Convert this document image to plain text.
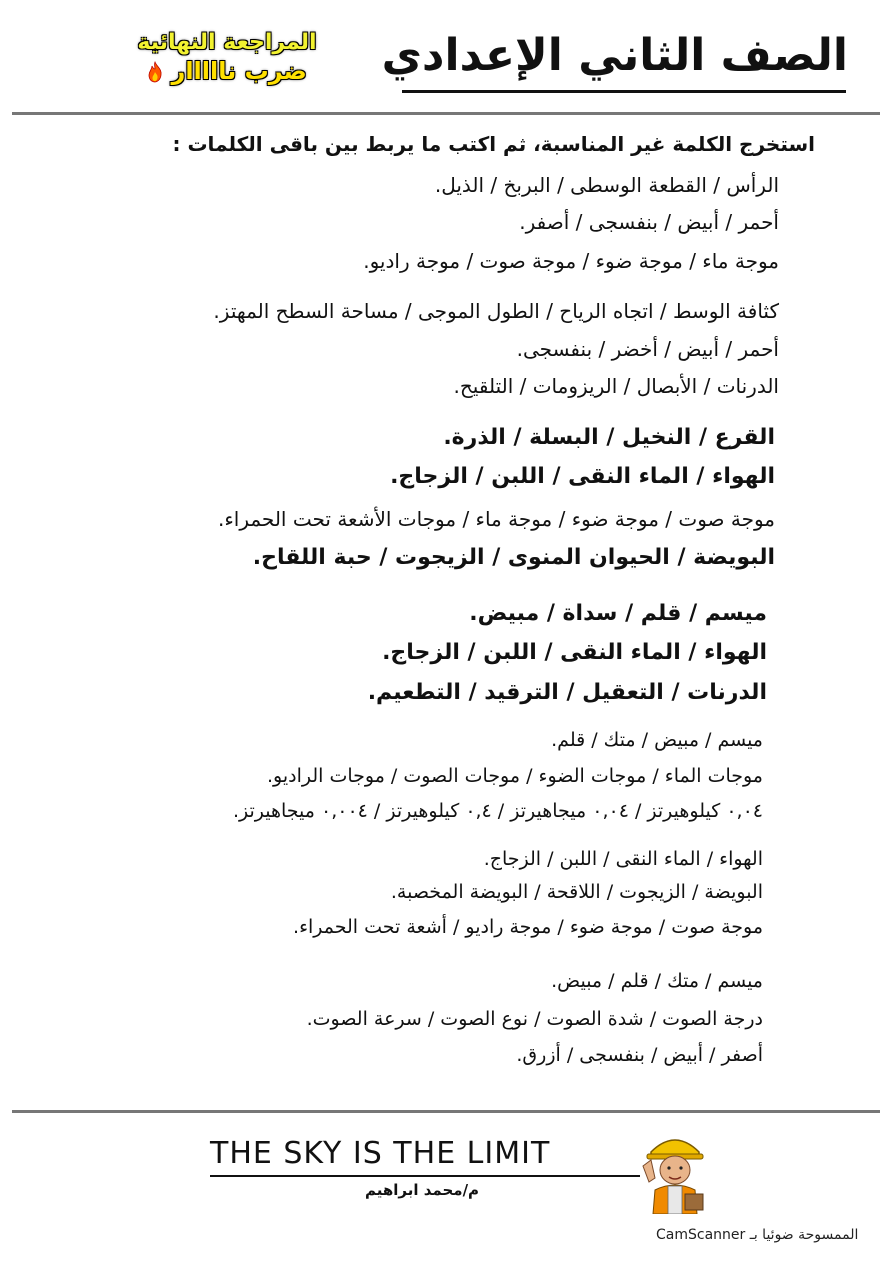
الصف الثاني الإعدادي
المراجعة النهائية
ضرب نااااار
استخرج الكلمة غير المناسبة، ثم اكتب ما يربط بين باقى الكلمات :
الرأس / القطعة الوسطى / البربخ / الذيل.
أحمر / أبيض / بنفسجى / أصفر.
موجة ماء / موجة ضوء / موجة صوت / موجة راديو.
كثافة الوسط / اتجاه الرياح / الطول الموجى / مساحة السطح المهتز.
أحمر / أبيض / أخضر / بنفسجى.
الدرنات / الأبصال / الريزومات / التلقيح.
القرع / النخيل / البسلة / الذرة.
الهواء / الماء النقى / اللبن / الزجاج.
موجة صوت / موجة ضوء / موجة ماء / موجات الأشعة تحت الحمراء.
البويضة / الحيوان المنوى / الزيجوت / حبة اللقاح.
ميسم / قلم / سداة / مبيض.
الهواء / الماء النقى / اللبن / الزجاج.
الدرنات / التعقيل / الترقيد / التطعيم.
ميسم / مبيض / متك / قلم.
موجات الماء / موجات الضوء / موجات الصوت / موجات الراديو.
٠,٠٤ كيلوهيرتز / ٠,٠٤ ميجاهيرتز / ٠,٤ كيلوهيرتز / ٠,٠٠٤ ميجاهيرتز.
الهواء / الماء النقى / اللبن / الزجاج.
البويضة / الزيجوت / اللاقحة / البويضة المخصبة.
موجة صوت / موجة ضوء / موجة راديو / أشعة تحت الحمراء.
ميسم / متك / قلم / مبيض.
درجة الصوت / شدة الصوت / نوع الصوت / سرعة الصوت.
أصفر / أبيض / بنفسجى / أزرق.
THE SKY IS THE LIMIT
م/محمد ابراهيم
الممسوحة ضوئيا بـ CamScanner
